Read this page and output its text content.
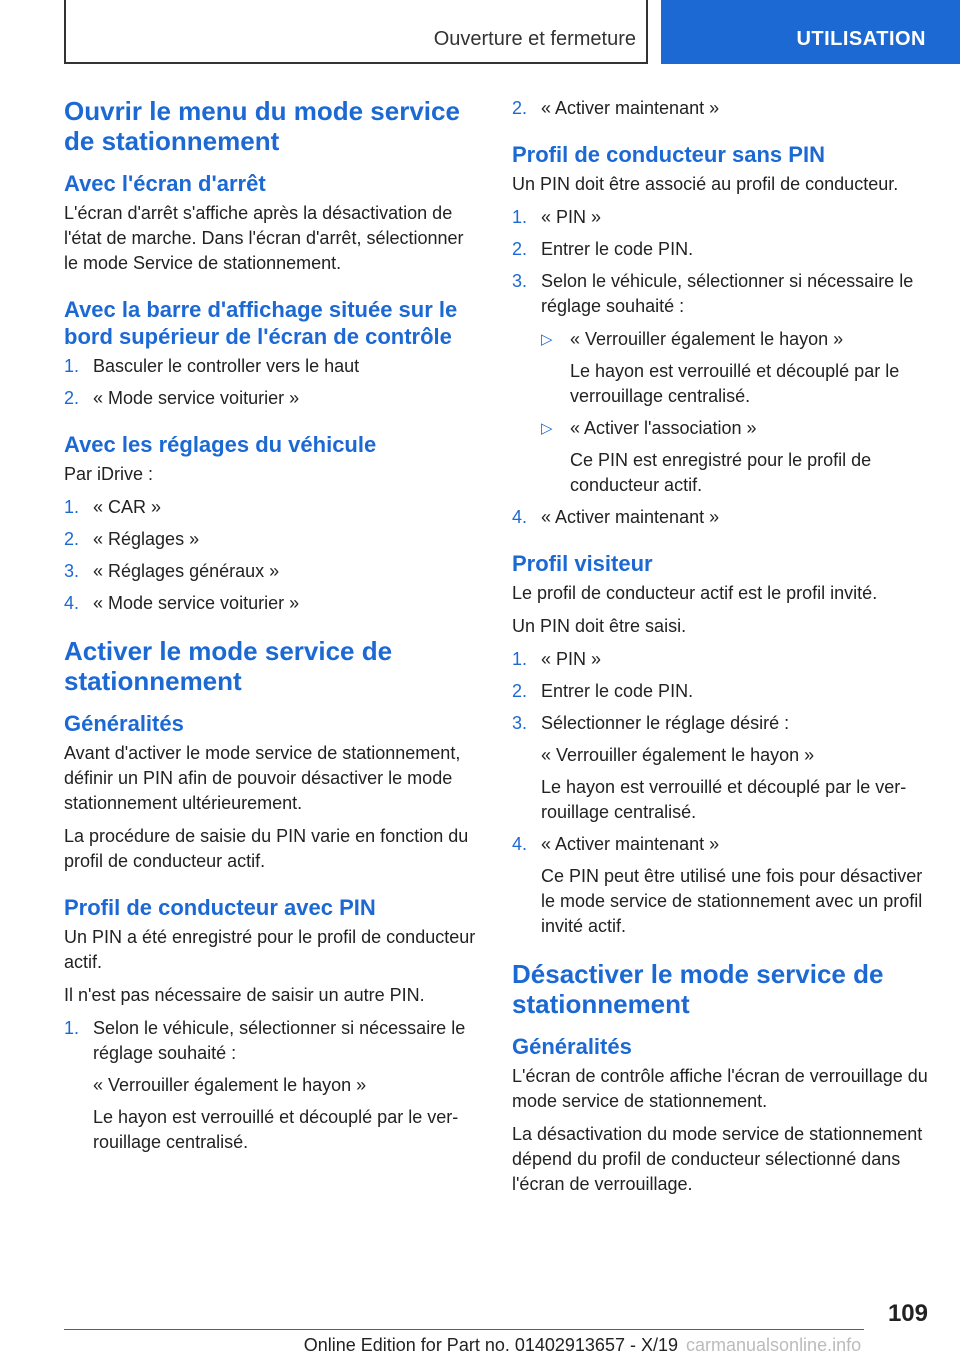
Ouverture et fermeture	UTILISATION
Ouvrir le menu du mode service de stationnement
Avec l'écran d'arrêt

L'écran d'arrêt s'affiche après la désactivation de l'état de marche. Dans l'écran d'arrêt, sélectionner le mode Service de stationnement.

Avec la barre d'affichage située sur le bord supérieur de l'écran de contrôle
1. Basculer le controller vers le haut
2. « Mode service voiturier »
Avec les réglages du véhicule

Par iDrive :

1. « CAR »
2. « Réglages »
3. « Réglages généraux »
4. « Mode service voiturier »
Activer le mode service de stationnement
Généralités

Avant d'activer le mode service de stationnement, définir un PIN afin de pouvoir désactiver le mode stationnement ultérieurement.

La procédure de saisie du PIN varie en fonction du profil de conducteur actif.

Profil de conducteur avec PIN

Un PIN a été enregistré pour le profil de conducteur actif.

Il n'est pas nécessaire de saisir un autre PIN.

1. Selon le véhicule, sélectionner si nécessaire le réglage souhaité :
« Verrouiller également le hayon »
Le hayon est verrouillé et découplé par le verrouillage centralisé.
2. « Activer maintenant »
Profil de conducteur sans PIN

Un PIN doit être associé au profil de conducteur.

1. « PIN »
2. Entrer le code PIN.
3. Selon le véhicule, sélectionner si nécessaire le réglage souhaité :
▷ « Verrouiller également le hayon »
Le hayon est verrouillé et découplé par le verrouillage centralisé.
▷ « Activer l'association »
Ce PIN est enregistré pour le profil de conducteur actif.
4. « Activer maintenant »
Profil visiteur

Le profil de conducteur actif est le profil invité.

Un PIN doit être saisi.

1. « PIN »
2. Entrer le code PIN.
3. Sélectionner le réglage désiré :
« Verrouiller également le hayon »
Le hayon est verrouillé et découplé par le verrouillage centralisé.
4. « Activer maintenant »
Ce PIN peut être utilisé une fois pour désactiver le mode service de stationnement avec un profil invité actif.
Désactiver le mode service de stationnement
Généralités

L'écran de contrôle affiche l'écran de verrouillage du mode service de stationnement.

La désactivation du mode service de stationnement dépend du profil de conducteur sélectionné dans l'écran de verrouillage.

109
Online Edition for Part no. 01402913657 - X/19 carmanualsonline.info
